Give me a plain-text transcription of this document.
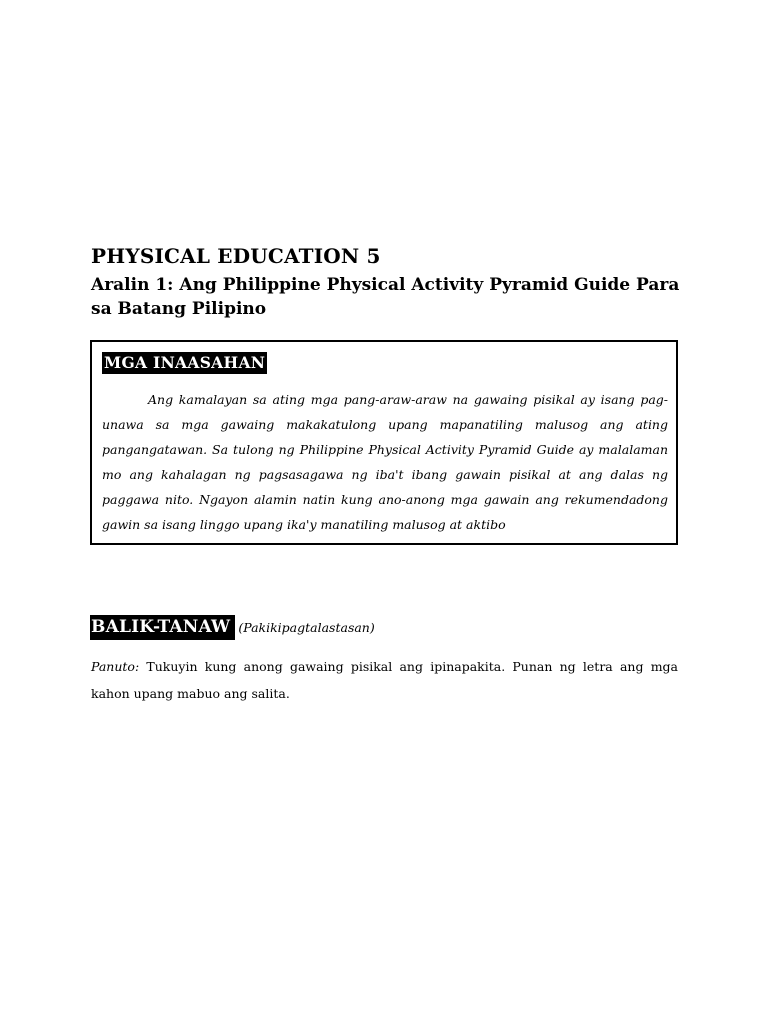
PHYSICAL EDUCATION 5
Aralin 1: Ang Philippine Physical Activity Pyramid Guide Para sa Batang Pilipino
MGA INAASAHAN

Ang kamalayan sa ating mga pang-araw-araw na gawaing pisikal ay isang pag-unawa sa mga gawaing makakatulong upang mapanatiling malusog ang ating pangangatawan. Sa tulong ng Philippine Physical Activity Pyramid Guide ay malalaman mo ang kahalagan ng pagsasagawa ng iba't ibang gawain pisikal at ang dalas ng paggawa nito. Ngayon alamin natin kung ano-anong mga gawain ang rekumendadong gawin sa isang linggo upang ika'y manatiling malusog at aktibo

BALIK-TANAW (Pakikipagtalastasan)

Panuto: Tukuyin kung anong gawaing pisikal ang ipinapakita. Punan ng letra ang mga kahon upang mabuo ang salita.
